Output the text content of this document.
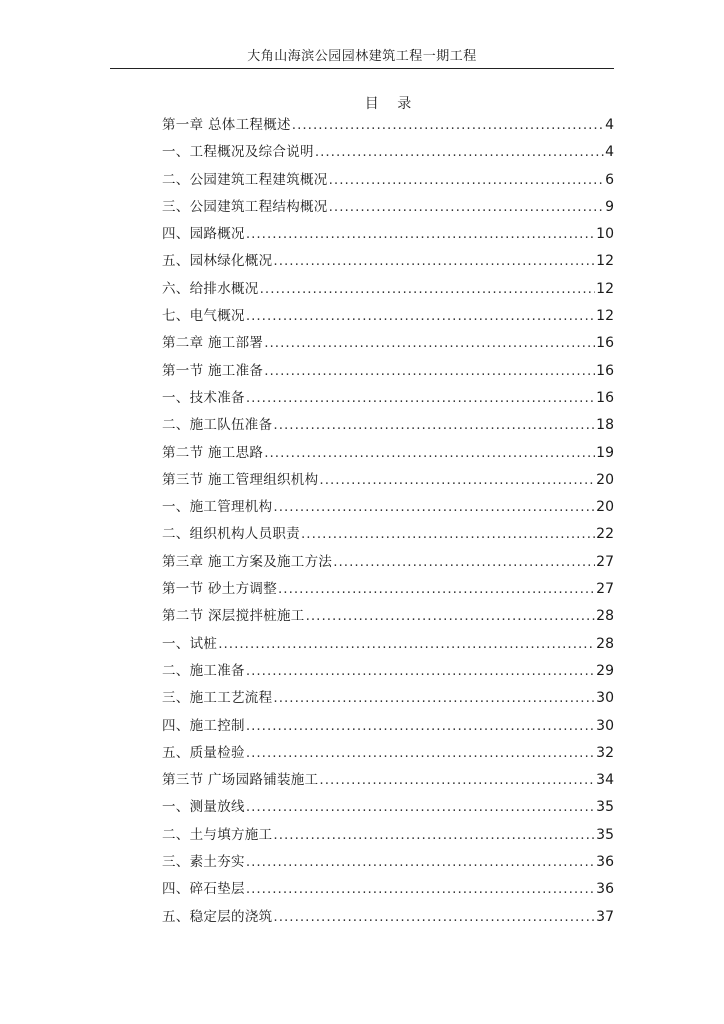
大角山海滨公园园林建筑工程一期工程
目 录
第一章 总体工程概述 .....	4
一、工程概况及综合说明 .....	4
二、公园建筑工程建筑概况 .....	6
三、公园建筑工程结构概况 .....	9
四、园路概况 .....	10
五、园林绿化概况 .....	12
六、给排水概况 .....	12
七、电气概况 .....	12
第二章 施工部署 .....	16
第一节 施工准备 .....	16
一、技术准备 .....	16
二、施工队伍准备 .....	18
第二节 施工思路 .....	19
第三节 施工管理组织机构 .....	20
一、施工管理机构 .....	20
二、组织机构人员职责 .....	22
第三章 施工方案及施工方法 .....	27
第一节 砂土方调整 .....	27
第二节 深层搅拌桩施工 .....	28
一、试桩 .....	28
二、施工准备 .....	29
三、施工工艺流程 .....	30
四、施工控制 .....	30
五、质量检验 .....	32
第三节 广场园路铺装施工 .....	34
一、测量放线 .....	35
二、土与填方施工 .....	35
三、素土夯实 .....	36
四、碎石垫层 .....	36
五、稳定层的浇筑 .....	37
